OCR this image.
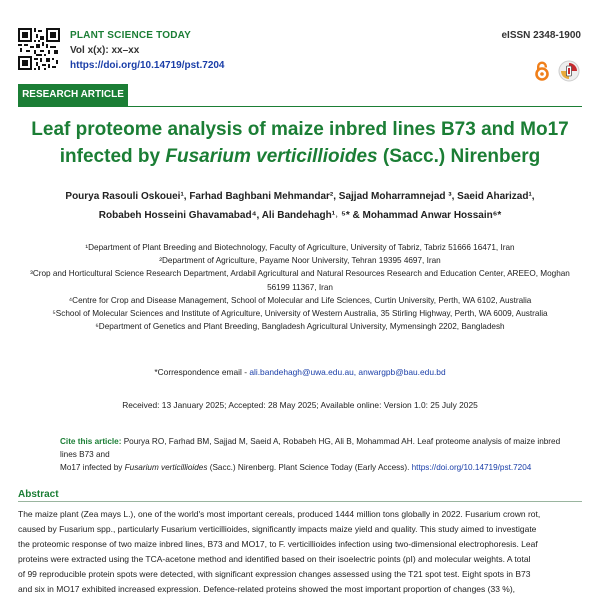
PLANT SCIENCE TODAY
Vol x(x): xx–xx
https://doi.org/10.14719/pst.7204
eISSN 2348-1900
RESEARCH ARTICLE
Leaf proteome analysis of maize inbred lines B73 and Mo17
infected by Fusarium verticillioides (Sacc.) Nirenberg
Pourya Rasouli Oskouei¹, Farhad Baghbani Mehmandar², Sajjad Moharramnejad ³, Saeid Aharizad¹,
Robabeh Hosseini Ghavamabad⁴, Ali Bandehagh¹˒ ⁵* & Mohammad Anwar Hossain⁶*
¹Department of Plant Breeding and Biotechnology, Faculty of Agriculture, University of Tabriz, Tabriz 51666 16471, Iran
²Department of Agriculture, Payame Noor University, Tehran 19395 4697, Iran
³Crop and Horticultural Science Research Department, Ardabil Agricultural and Natural Resources Research and Education Center, AREEO, Moghan
56199 11367, Iran
⁴Centre for Crop and Disease Management, School of Molecular and Life Sciences, Curtin University, Perth, WA 6102, Australia
⁵School of Molecular Sciences and Institute of Agriculture, University of Western Australia, 35 Stirling Highway, Perth, WA 6009, Australia
⁶Department of Genetics and Plant Breeding, Bangladesh Agricultural University, Mymensingh 2202, Bangladesh
*Correspondence email - ali.bandehagh@uwa.edu.au, anwargpb@bau.edu.bd
Received: 13 January 2025; Accepted: 28 May 2025; Available online: Version 1.0: 25 July 2025
Cite this article: Pourya RO, Farhad BM, Sajjad M, Saeid A, Robabeh HG, Ali B, Mohammad AH. Leaf proteome analysis of maize inbred lines B73 and
Mo17 infected by Fusarium verticillioides (Sacc.) Nirenberg. Plant Science Today (Early Access). https://doi.org/10.14719/pst.7204
Abstract
The maize plant (Zea mays L.), one of the world's most important cereals, produced 1444 million tons globally in 2022. Fusarium crown rot,
caused by Fusarium spp., particularly Fusarium verticillioides, significantly impacts maize yield and quality. This study aimed to investigate
the proteomic response of two maize inbred lines, B73 and MO17, to F. verticillioides infection using two-dimensional electrophoresis. Leaf
proteins were extracted using the TCA-acetone method and identified based on their isoelectric points (pI) and molecular weights. A total
of 99 reproducible protein spots were detected, with significant expression changes assessed using the T21 spot test. Eight spots in B73
and six in MO17 exhibited increased expression. Defence-related proteins showed the most important proportion of changes (33 %),
